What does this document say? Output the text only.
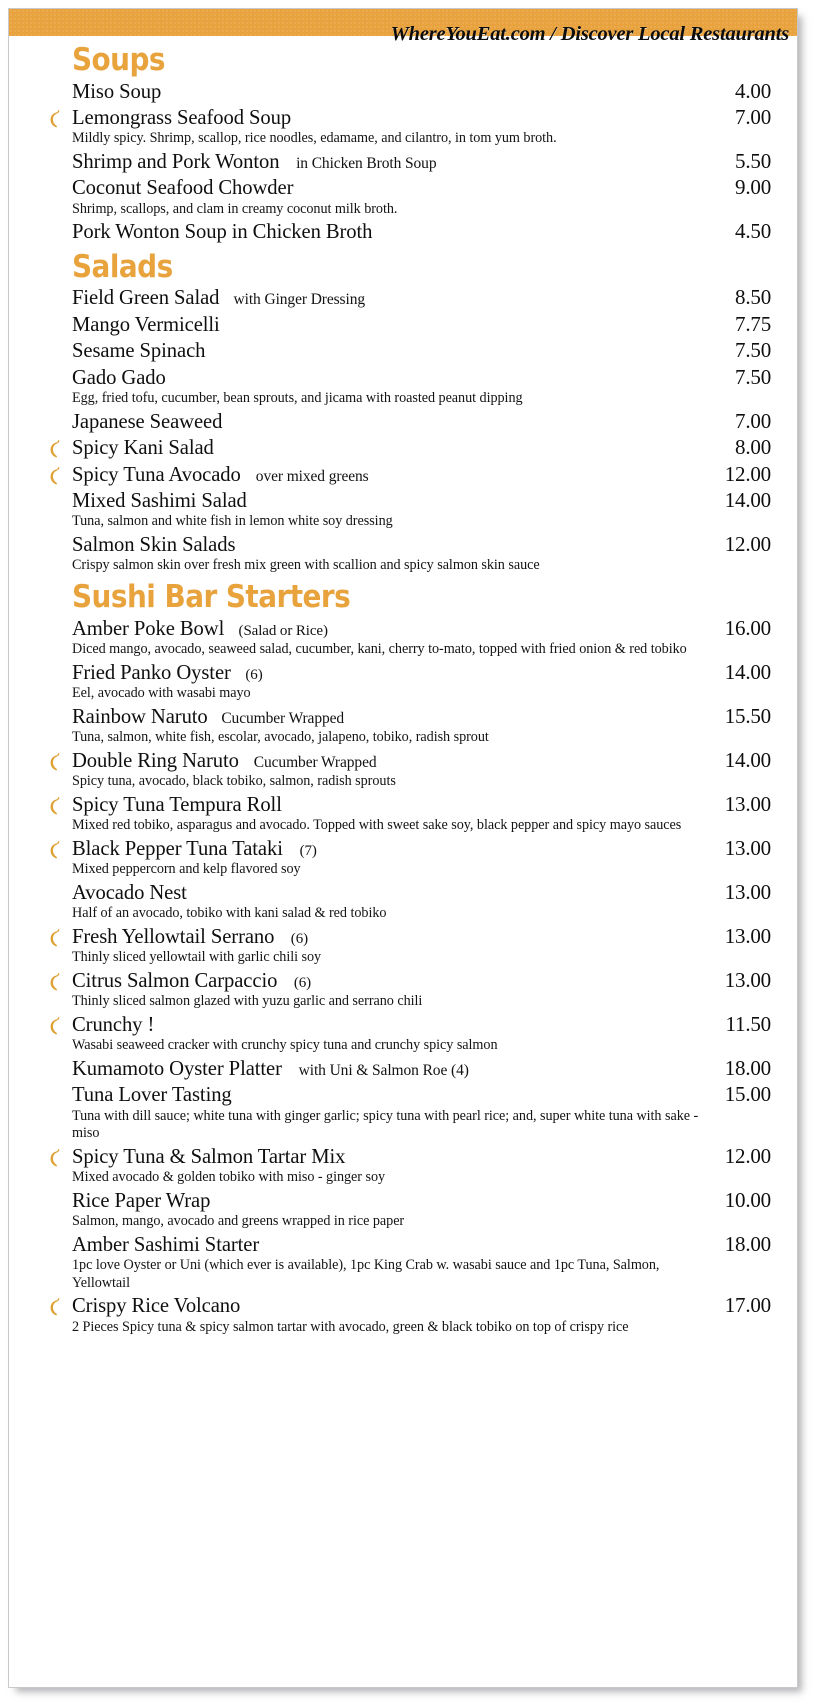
WhereYouEat.com / Discover Local Restaurants
Soups
Miso Soup	4.00
Lemongrass Seafood Soup	7.00
Mildly spicy. Shrimp, scallop, rice noodles, edamame, and cilantro, in tom yum broth.
Shrimp and Pork Wonton in Chicken Broth Soup	5.50
Coconut Seafood Chowder	9.00
Shrimp, scallops, and clam in creamy coconut milk broth.
Pork Wonton Soup in Chicken Broth	4.50
Salads
Field Green Salad with Ginger Dressing	8.50
Mango Vermicelli	7.75
Sesame Spinach	7.50
Gado Gado	7.50
Egg, fried tofu, cucumber, bean sprouts, and jicama with roasted peanut dipping
Japanese Seaweed	7.00
Spicy Kani Salad	8.00
Spicy Tuna Avocado over mixed greens	12.00
Mixed Sashimi Salad	14.00
Tuna, salmon and white fish in lemon white soy dressing
Salmon Skin Salads	12.00
Crispy salmon skin over fresh mix green with scallion and spicy salmon skin sauce
Sushi Bar Starters
Amber Poke Bowl (Salad or Rice)	16.00
Diced mango, avocado, seaweed salad, cucumber, kani, cherry to-mato, topped with fried onion & red tobiko
Fried Panko Oyster (6)	14.00
Eel, avocado with wasabi mayo
Rainbow Naruto Cucumber Wrapped	15.50
Tuna, salmon, white fish, escolar, avocado, jalapeno, tobiko, radish sprout
Double Ring Naruto Cucumber Wrapped	14.00
Spicy tuna, avocado, black tobiko, salmon, radish sprouts
Spicy Tuna Tempura Roll	13.00
Mixed red tobiko, asparagus and avocado. Topped with sweet sake soy, black pepper and spicy mayo sauces
Black Pepper Tuna Tataki (7)	13.00
Mixed peppercorn and kelp flavored soy
Avocado Nest	13.00
Half of an avocado, tobiko with kani salad & red tobiko
Fresh Yellowtail Serrano (6)	13.00
Thinly sliced yellowtail with garlic chili soy
Citrus Salmon Carpaccio (6)	13.00
Thinly sliced salmon glazed with yuzu garlic and serrano chili
Crunchy !	11.50
Wasabi seaweed cracker with crunchy spicy tuna and crunchy spicy salmon
Kumamoto Oyster Platter with Uni & Salmon Roe (4)	18.00
Tuna Lover Tasting	15.00
Tuna with dill sauce; white tuna with ginger garlic; spicy tuna with pearl rice; and, super white tuna with sake - miso
Spicy Tuna & Salmon Tartar Mix	12.00
Mixed avocado & golden tobiko with miso - ginger soy
Rice Paper Wrap	10.00
Salmon, mango, avocado and greens wrapped in rice paper
Amber Sashimi Starter	18.00
1pc love Oyster or Uni (which ever is available), 1pc King Crab w. wasabi sauce and 1pc Tuna, Salmon, Yellowtail
Crispy Rice Volcano	17.00
2 Pieces Spicy tuna & spicy salmon tartar with avocado, green & black tobiko on top of crispy rice
